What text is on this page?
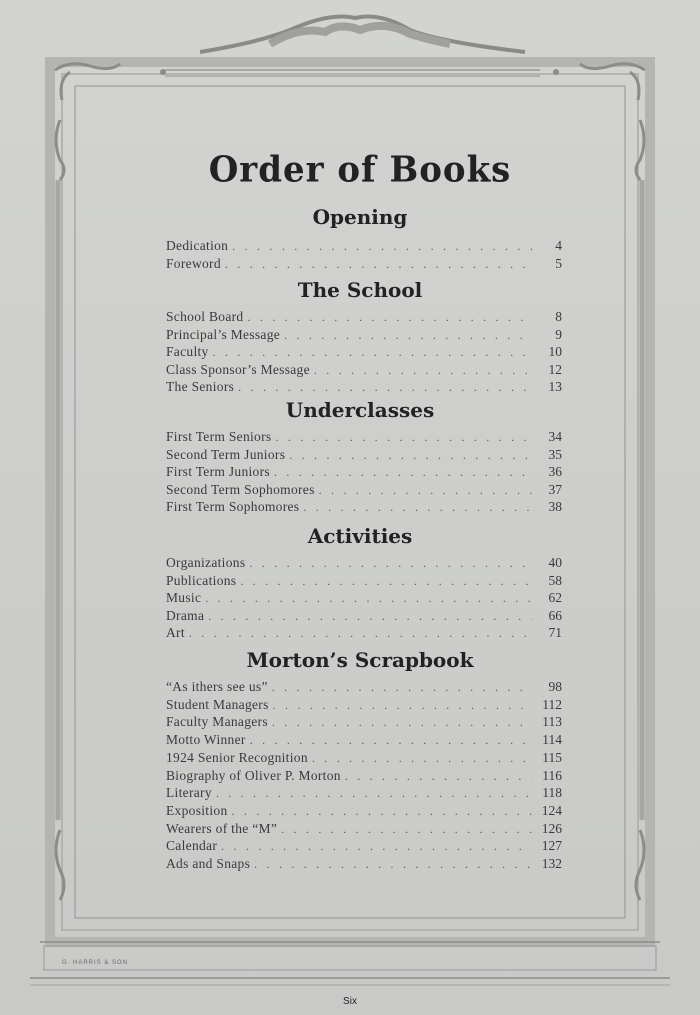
Order of Books
Opening
Dedication . . .	4
Foreword . . .	5
The School
School Board . . .	8
Principal’s Message . . .	9
Faculty . . .	10
Class Sponsor’s Message . . .	12
The Seniors . . .	13
Underclasses
First Term Seniors . . .	34
Second Term Juniors . . .	35
First Term Juniors . . .	36
Second Term Sophomores . . .	37
First Term Sophomores . . .	38
Activities
Organizations . . .	40
Publications . . .	58
Music . . .	62
Drama . . .	66
Art . . .	71
Morton’s Scrapbook
“As ithers see us” . . .	98
Student Managers . . .	112
Faculty Managers . . .	113
Motto Winner . . .	114
1924 Senior Recognition . . .	115
Biography of Oliver P. Morton . . .	116
Literary . . .	118
Exposition . . .	124
Wearers of the “M” . . .	126
Calendar . . .	127
Ads and Snaps . . .	132
G. HARRIS & SON
Six
